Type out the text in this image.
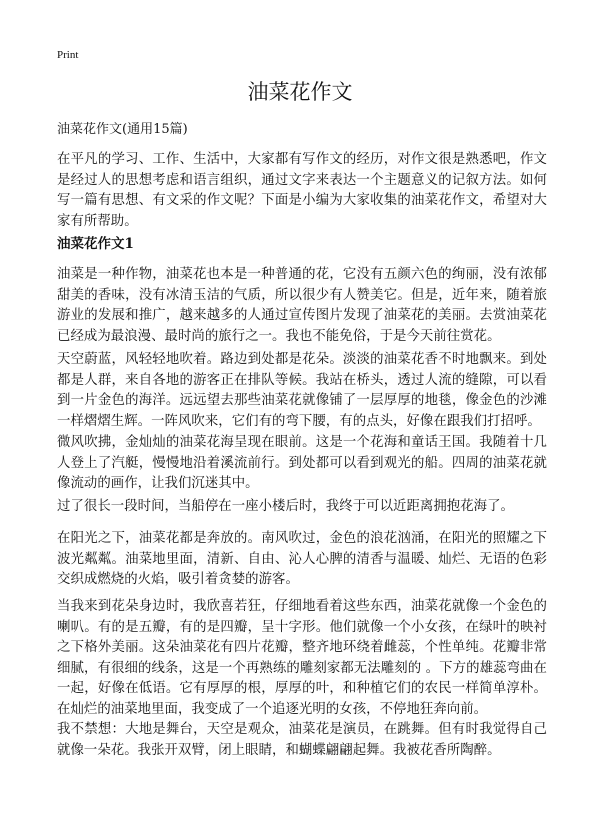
Print
油菜花作文
油菜花作文(通用15篇)

在平凡的学习、工作、生活中，大家都有写作文的经历，对作文很是熟悉吧，作文是经过人的思想考虑和语言组织，通过文字来表达一个主题意义的记叙方法。如何写一篇有思想、有文采的作文呢？下面是小编为大家收集的油菜花作文，希望对大家有所帮助。

油菜花作文1

油菜是一种作物，油菜花也本是一种普通的花，它没有五颜六色的绚丽，没有浓郁甜美的香味，没有冰清玉洁的气质，所以很少有人赞美它。但是，近年来，随着旅游业的发展和推广，越来越多的人通过宣传图片发现了油菜花的美丽。去赏油菜花已经成为最浪漫、最时尚的旅行之一。我也不能免俗，于是今天前往赏花。

天空蔚蓝，风轻轻地吹着。路边到处都是花朵。淡淡的油菜花香不时地飘来。到处都是人群，来自各地的游客正在排队等候。我站在桥头，透过人流的缝隙，可以看到一片金色的海洋。远远望去那些油菜花就像铺了一层厚厚的地毯，像金色的沙滩一样熠熠生辉。一阵风吹来，它们有的弯下腰，有的点头，好像在跟我们打招呼。

微风吹拂，金灿灿的油菜花海呈现在眼前。这是一个花海和童话王国。我随着十几人登上了汽艇，慢慢地沿着溪流前行。到处都可以看到观光的船。四周的油菜花就像流动的画作，让我们沉迷其中。

过了很长一段时间，当船停在一座小楼后时，我终于可以近距离拥抱花海了。

在阳光之下，油菜花都是奔放的。南风吹过，金色的浪花汹涌，在阳光的照耀之下波光粼粼。油菜地里面，清新、自由、沁人心脾的清香与温暖、灿烂、无语的色彩交织成燃烧的火焰，吸引着贪婪的游客。

当我来到花朵身边时，我欣喜若狂，仔细地看着这些东西，油菜花就像一个金色的喇叭。有的是五瓣，有的是四瓣，呈十字形。他们就像一个小女孩，在绿叶的映衬之下格外美丽。这朵油菜花有四片花瓣，整齐地环绕着雌蕊，个性单纯。花瓣非常细腻，有很细的线条，这是一个再熟练的雕刻家都无法雕刻的 。下方的雄蕊弯曲在一起，好像在低语。它有厚厚的根，厚厚的叶，和种植它们的农民一样简单淳朴。在灿烂的油菜地里面，我变成了一个追逐光明的女孩，不停地狂奔向前。

我不禁想：大地是舞台，天空是观众，油菜花是演员，在跳舞。但有时我觉得自己就像一朵花。我张开双臂，闭上眼睛，和蝴蝶翩翩起舞。我被花香所陶醉。
